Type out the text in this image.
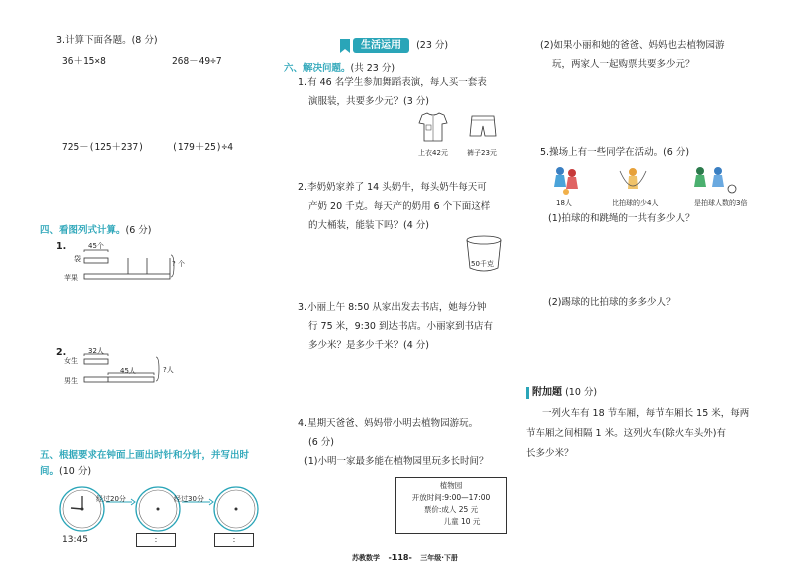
3.计算下面各题。(8 分)
36＋15×8	268－49÷7
725－(125＋237)	(179＋25)÷4
四、看图列式计算。(6 分)
1.
袋
苹果
45个
? 个
2.
女生
男生
32人
45人	?人
五、根据要求在钟面上画出时针和分针，并写出时
间。(10 分)
经过20分	经过30分
13:45	:	:
生活运用 (23 分)
六、解决问题。(共 23 分)
1.有 46 名学生参加舞蹈表演，每人买一套表
演服装，共要多少元？(3 分)
上衣42元	裤子23元
2.李奶奶家养了 14 头奶牛，每头奶牛每天可
产奶 20 千克。每天产的奶用 6 个下面这样
的大桶装，能装下吗？(4 分)
50千克
3.小丽上午 8:50 从家出发去书店，她每分钟
行 75 米，9:30 到达书店。小丽家到书店有
多少米？是多少千米？(4 分)
4.星期天爸爸、妈妈带小明去植物园游玩。
(6 分)
(1)小明一家最多能在植物园里玩多长时间？
植物园
开放时间:9:00—17:00
票价:成人 25 元
儿童 10 元
(2)如果小丽和她的爸爸、妈妈也去植物园游
玩，两家人一起购票共要多少元？
5.操场上有一些同学在活动。(6 分)
18人	比拍球的少4人	是拍球人数的3倍
(1)拍球的和跳绳的一共有多少人？
(2)踢球的比拍球的多多少人？
附加题 (10 分)
一列火车有 18 节车厢，每节车厢长 15 米，每两
节车厢之间相隔 1 米。这列火车(除火车头外)有
长多少米？
苏教数学 -118- 三年级·下册
